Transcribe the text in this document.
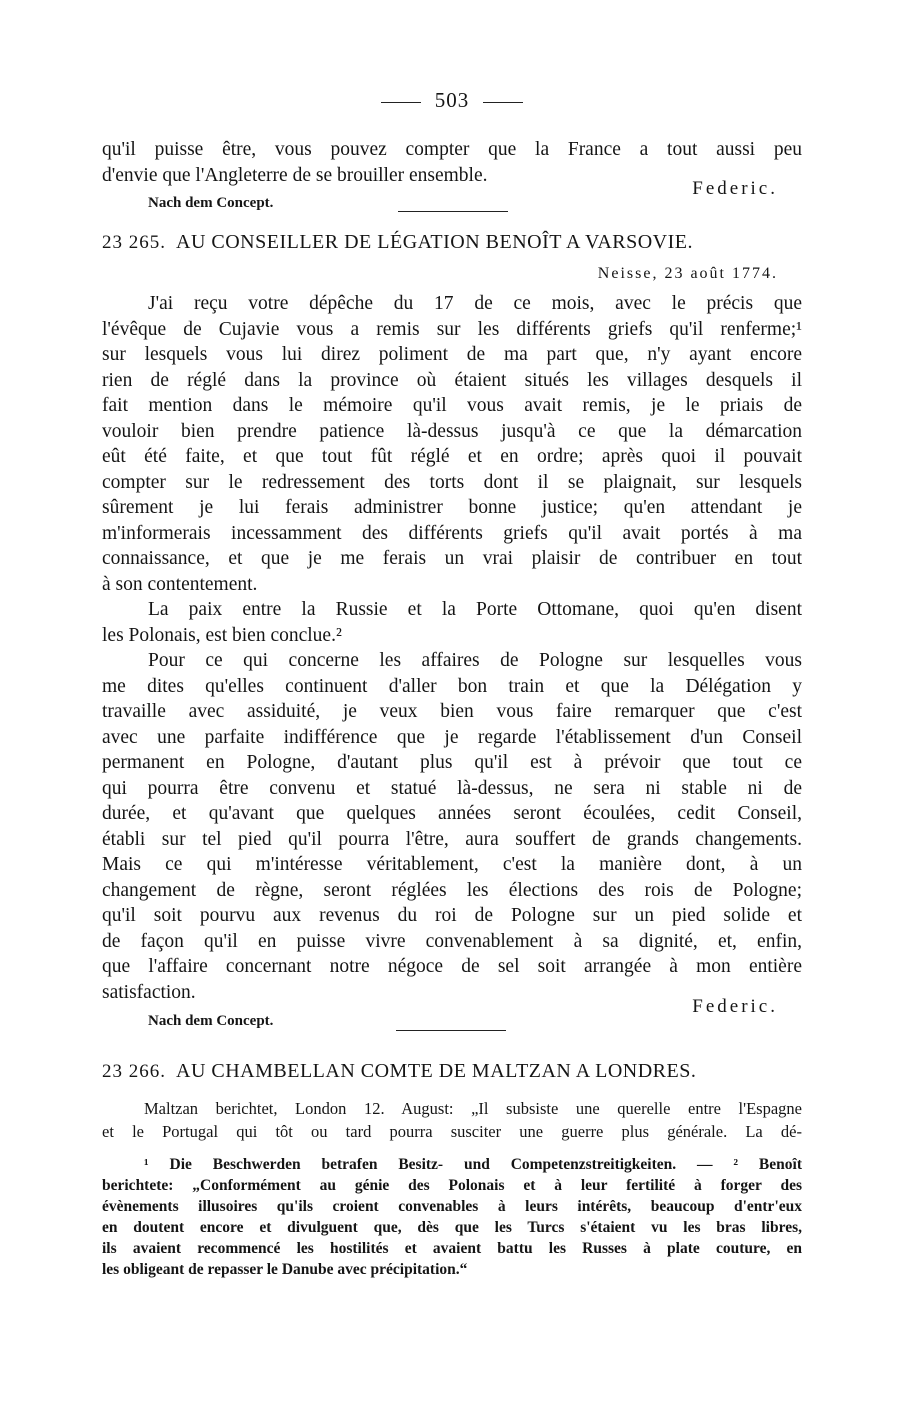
503
qu'il puisse être, vous pouvez compter que la France a tout aussi peu
d'envie que l'Angleterre de se brouiller ensemble.
Federic.
Nach dem Concept.
23 265. AU CONSEILLER DE LÉGATION BENOÎT A VARSOVIE.
Neisse, 23 août 1774.
J'ai reçu votre dépêche du 17 de ce mois, avec le précis que
l'évêque de Cujavie vous a remis sur les différents griefs qu'il renferme;¹
sur lesquels vous lui direz poliment de ma part que, n'y ayant encore
rien de réglé dans la province où étaient situés les villages desquels il
fait mention dans le mémoire qu'il vous avait remis, je le priais de
vouloir bien prendre patience là-dessus jusqu'à ce que la démarcation
eût été faite, et que tout fût réglé et en ordre; après quoi il pouvait
compter sur le redressement des torts dont il se plaignait, sur lesquels
sûrement je lui ferais administrer bonne justice; qu'en attendant je
m'informerais incessamment des différents griefs qu'il avait portés à ma
connaissance, et que je me ferais un vrai plaisir de contribuer en tout
à son contentement.
La paix entre la Russie et la Porte Ottomane, quoi qu'en disent
les Polonais, est bien conclue.²
Pour ce qui concerne les affaires de Pologne sur lesquelles vous
me dites qu'elles continuent d'aller bon train et que la Délégation y
travaille avec assiduité, je veux bien vous faire remarquer que c'est
avec une parfaite indifférence que je regarde l'établissement d'un Conseil
permanent en Pologne, d'autant plus qu'il est à prévoir que tout ce
qui pourra être convenu et statué là-dessus, ne sera ni stable ni de
durée, et qu'avant que quelques années seront écoulées, cedit Conseil,
établi sur tel pied qu'il pourra l'être, aura souffert de grands changements.
Mais ce qui m'intéresse véritablement, c'est la manière dont, à un
changement de règne, seront réglées les élections des rois de Pologne;
qu'il soit pourvu aux revenus du roi de Pologne sur un pied solide et
de façon qu'il en puisse vivre convenablement à sa dignité, et, enfin,
que l'affaire concernant notre négoce de sel soit arrangée à mon entière
satisfaction.
Federic.
Nach dem Concept.
23 266. AU CHAMBELLAN COMTE DE MALTZAN A LONDRES.
Maltzan berichtet, London 12. August: „Il subsiste une querelle entre l'Espagne
et le Portugal qui tôt ou tard pourra susciter une guerre plus générale. La dé-
¹ Die Beschwerden betrafen Besitz- und Competenzstreitigkeiten. — ² Benoît
berichtete: „Conformément au génie des Polonais et à leur fertilité à forger des
évènements illusoires qu'ils croient convenables à leurs intérêts, beaucoup d'entr'eux
en doutent encore et divulguent que, dès que les Turcs s'étaient vu les bras libres,
ils avaient recommencé les hostilités et avaient battu les Russes à plate couture, en
les obligeant de repasser le Danube avec précipitation.“
